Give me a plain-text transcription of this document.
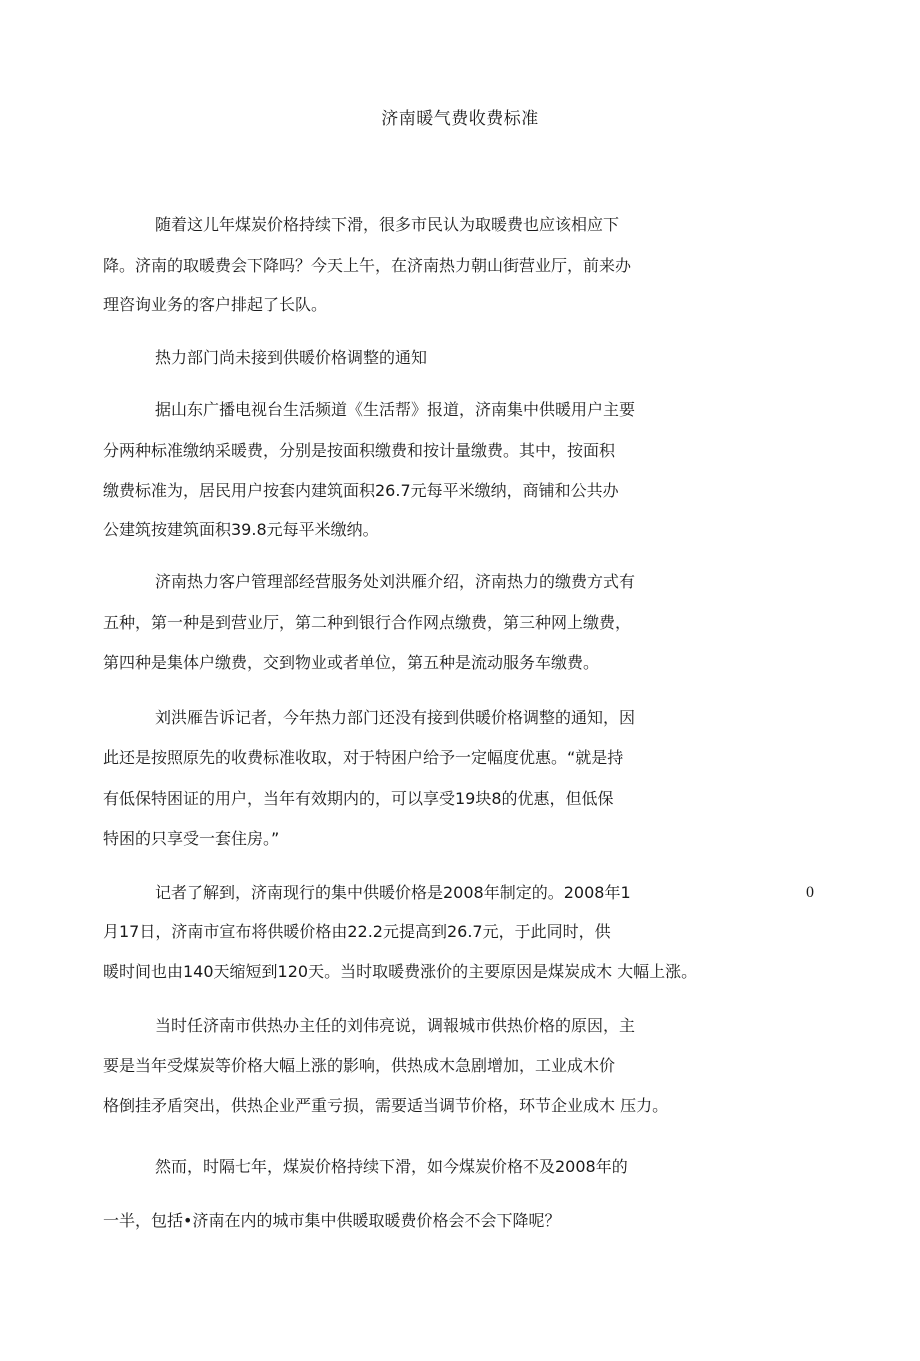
济南暖气费收费标准
随着这儿年煤炭价格持续下滑，很多市民认为取暖费也应该相应下
降。济南的取暖费会下降吗？今天上午，在济南热力朝山街营业厅，前来办
理咨询业务的客户排起了长队。
热力部门尚未接到供暖价格调整的通知
据山东广播电视台生活频道《生活帮》报道，济南集中供暖用户主要
分两种标准缴纳采暖费，分别是按面积缴费和按计量缴费。其中，按面积
缴费标准为，居民用户按套内建筑面积26.7元每平米缴纳，商铺和公共办
公建筑按建筑面积39.8元每平米缴纳。
济南热力客户管理部经营服务处刘洪雁介绍，济南热力的缴费方式有
五种，第一种是到营业厅，第二种到银行合作网点缴费，第三种网上缴费，
第四种是集体户缴费，交到物业或者单位，第五种是流动服务车缴费。
刘洪雁告诉记者，今年热力部门还没有接到供暖价格调整的通知，因
此还是按照原先的收费标准收取，对于特困户给予一定幅度优惠。“就是持
有低保特困证的用户，当年有效期内的，可以享受19块8的优惠，但低保
特困的只享受一套住房。”
记者了解到，济南现行的集中供暖价格是2008年制定的。2008年1	0
月17日，济南市宣布将供暖价格由22.2元提高到26.7元，于此同时，供
暖时间也由140天缩短到120天。当时取暖费涨价的主要原因是煤炭成木 大幅上涨。
当时任济南市供热办主任的刘伟亮说，调報城市供热价格的原因，主
要是当年受煤炭等价格大幅上涨的影响，供热成木急剧增加，工业成木价
格倒挂矛盾突出，供热企业严重亏损，需要适当调节价格，环节企业成木 压力。
然而，时隔七年，煤炭价格持续下滑，如今煤炭价格不及2008年的
一半，包括•济南在内的城市集中供暖取暖费价格会不会下降呢？
